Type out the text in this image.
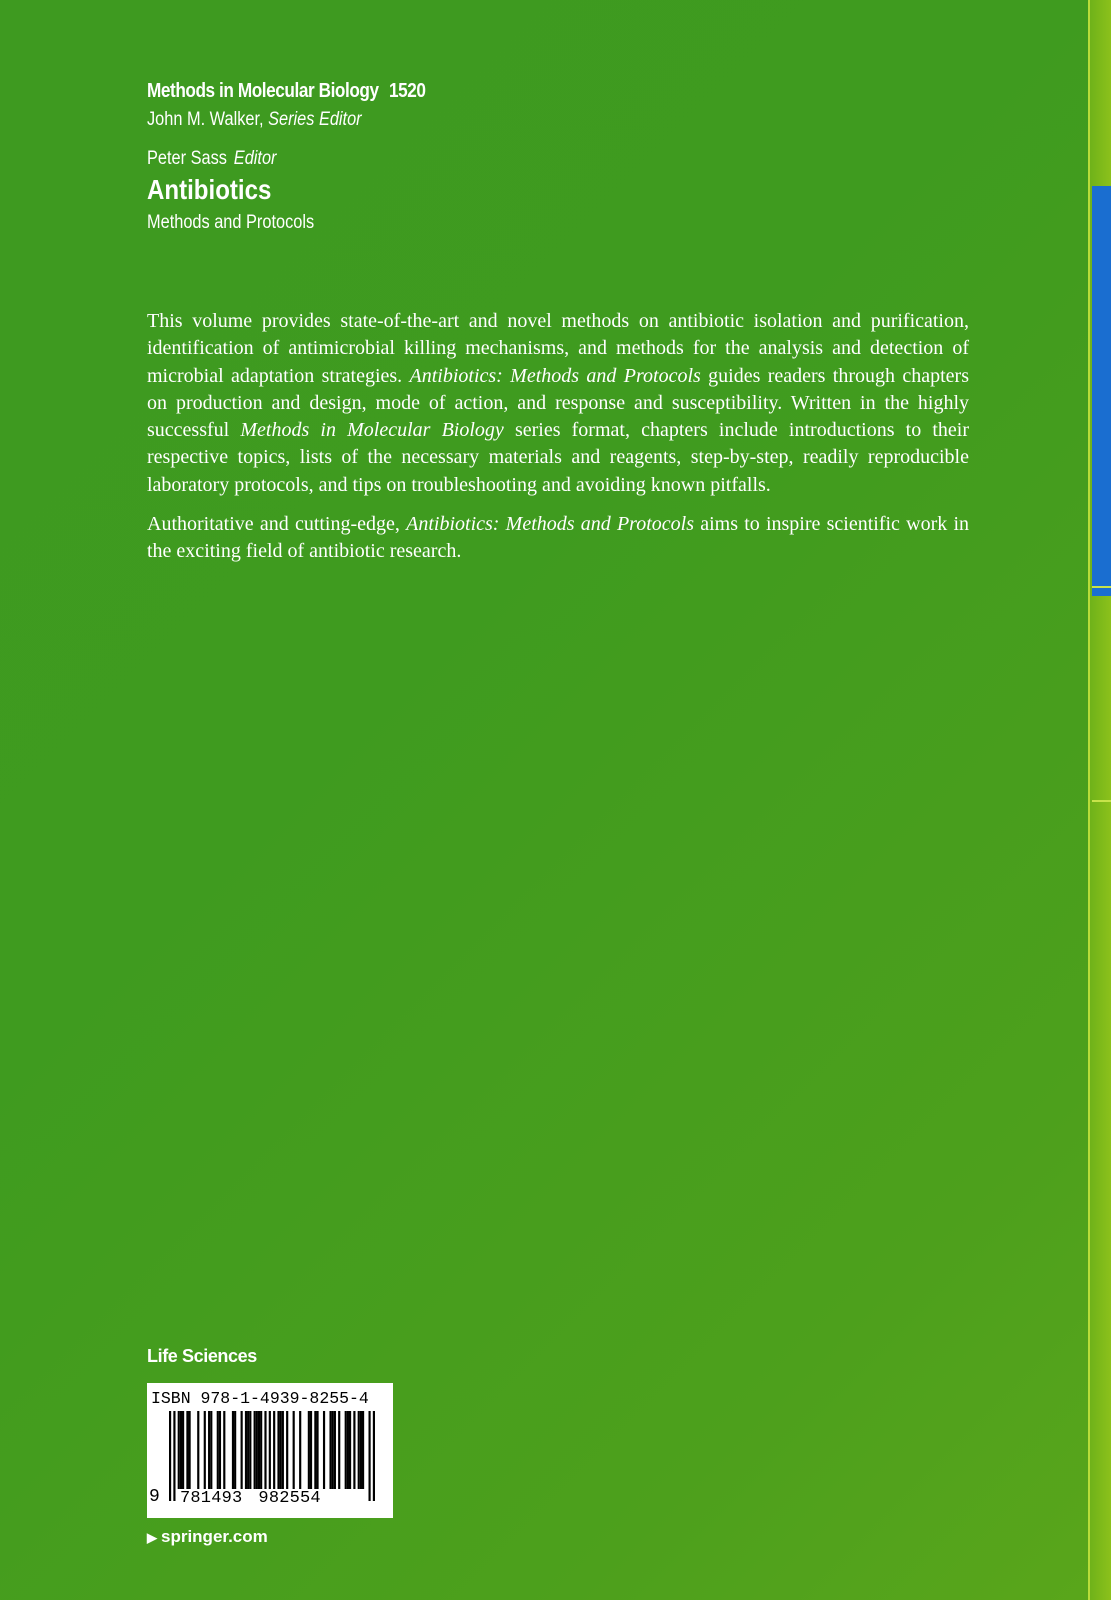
Methods in Molecular Biology 1520
John M. Walker, Series Editor
Peter Sass Editor
Antibiotics
Methods and Protocols

This volume provides state-of-the-art and novel methods on antibiotic isolation and purification, identification of antimicrobial killing mechanisms, and methods for the analysis and detection of microbial adaptation strategies. Antibiotics: Methods and Protocols guides readers through chapters on production and design, mode of action, and response and susceptibility. Written in the highly successful Methods in Molecular Biology series format, chapters include introductions to their respective topics, lists of the necessary materials and reagents, step-by-step, readily reproducible laboratory protocols, and tips on troubleshooting and avoiding known pitfalls.

Authoritative and cutting-edge, Antibiotics: Methods and Protocols aims to inspire scientific work in the exciting field of antibiotic research.

Life Sciences
ISBN 978-1-4939-8255-4
9	781493 982554
▶ springer.com
